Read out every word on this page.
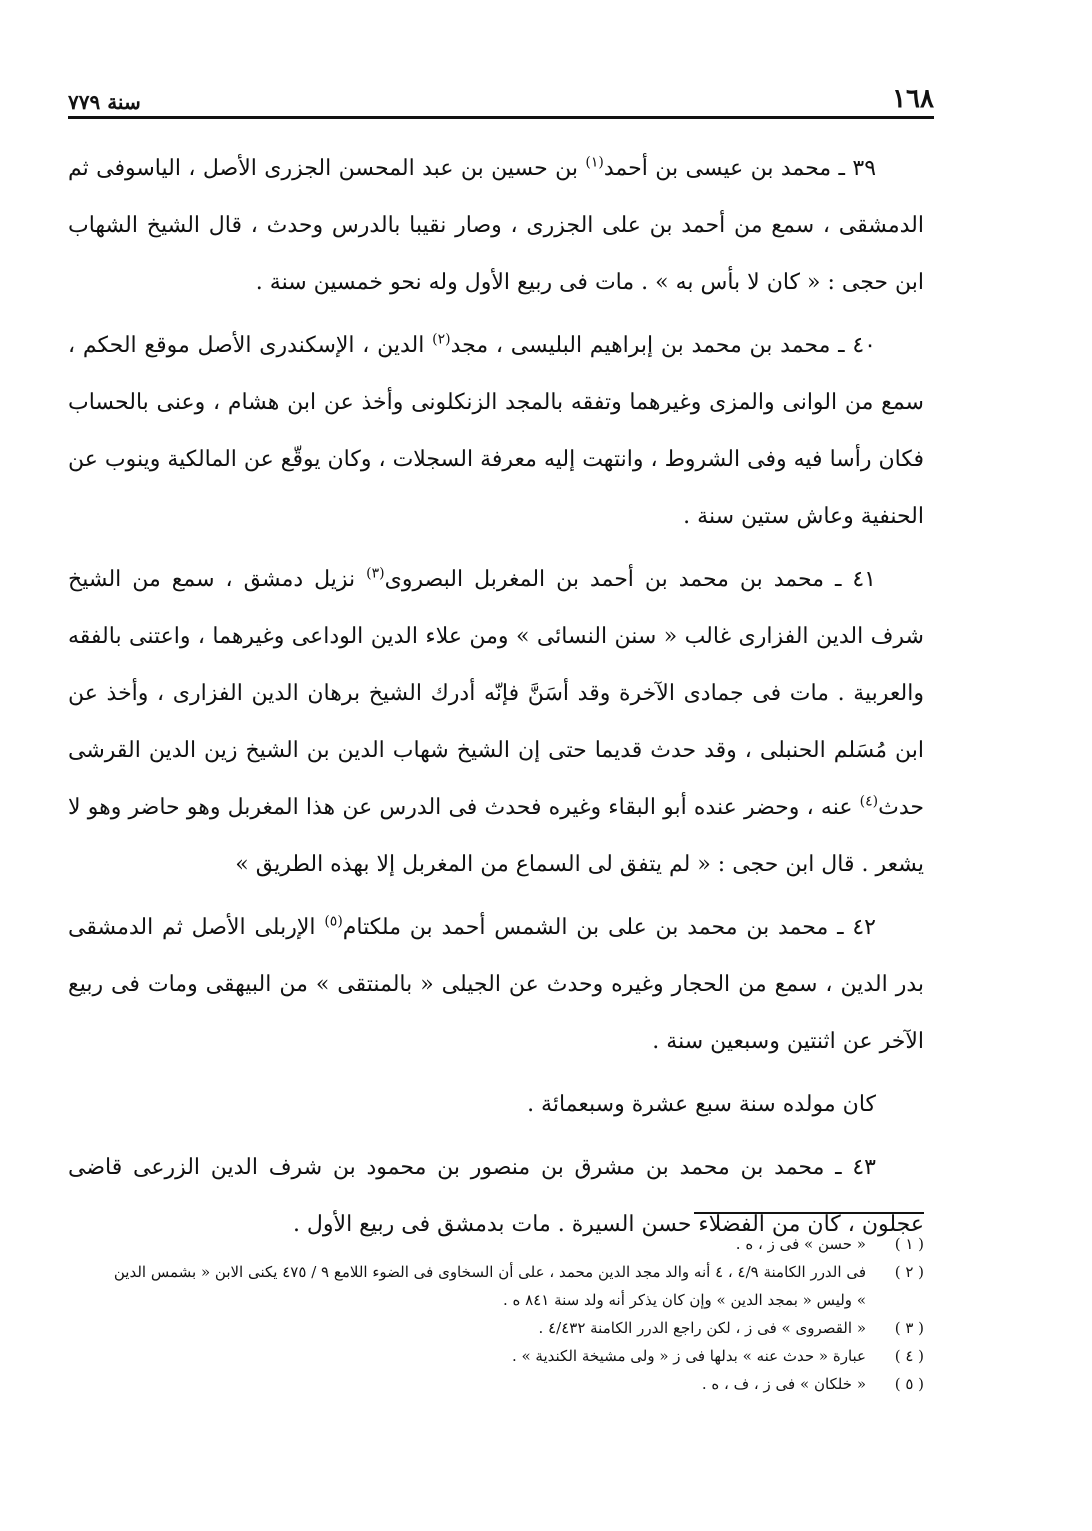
١٦٨
سنة ٧٧٩

٣٩ ـ محمد بن عيسى بن أحمد$^{(١)}$ بن حسين بن عبد المحسن الجزرى الأصل ، الياسوفى ثم الدمشقى ، سمع من أحمد بن على الجزرى ، وصار نقيبا بالدرس وحدث ، قال الشيخ الشهاب ابن حجى : « كان لا بأس به » . مات فى ربيع الأول وله نحو خمسين سنة .

٤٠ ـ محمد بن محمد بن إبراهيم البليسى ، مجد$^{(٢)}$ الدين ، الإسكندرى الأصل موقع الحكم ، سمع من الوانى والمزى وغيرهما وتفقه بالمجد الزنكلونى وأخذ عن ابن هشام ، وعنى بالحساب فكان رأسا فيه وفى الشروط ، وانتهت إليه معرفة السجلات ، وكان يوقّع عن المالكية وينوب عن الحنفية وعاش ستين سنة .

٤١ ـ محمد بن محمد بن أحمد بن المغربل البصروى$^{(٣)}$ نزيل دمشق ، سمع من الشيخ شرف الدين الفزارى غالب « سنن النسائى » ومن علاء الدين الوداعى وغيرهما ، واعتنى بالفقه والعربية . مات فى جمادى الآخرة وقد أسَنَّ فإنّه أدرك الشيخ برهان الدين الفزارى ، وأخذ عن ابن مُسَلم الحنبلى ، وقد حدث قديما حتى إن الشيخ شهاب الدين بن الشيخ زين الدين القرشى حدث$^{(٤)}$ عنه ، وحضر عنده أبو البقاء وغيره فحدث فى الدرس عن هذا المغربل وهو حاضر وهو لا يشعر . قال ابن حجى : « لم يتفق لى السماع من المغربل إلا بهذه الطريق »

٤٢ ـ محمد بن محمد بن على بن الشمس أحمد بن ملكتام$^{(٥)}$ الإربلى الأصل ثم الدمشقى بدر الدين ، سمع من الحجار وغيره وحدث عن الجيلى « بالمنتقى » من البيهقى ومات فى ربيع الآخر عن اثنتين وسبعين سنة .

كان مولده سنة سبع عشرة وسبعمائة .

٤٣ ـ محمد بن محمد بن مشرق بن منصور بن محمود بن شرف الدين الزرعى قاضى عجلون ، كان من الفضلاء حسن السيرة . مات بدمشق فى ربيع الأول .

( ١ )
« حسن » فى ز ، ه .
( ٢ )
فى الدرر الكامنة ٤/٩ ، ٤ أنه والد مجد الدين محمد ، على أن السخاوى فى الضوء اللامع ٩ / ٤٧٥ يكنى الابن « بشمس الدين » وليس « بمجد الدين » وإن كان يذكر أنه ولد سنة ٨٤١ ه .
( ٣ )
« القصروى » فى ز ، لكن راجع الدرر الكامنة ٤/٤٣٢ .
( ٤ )
عبارة « حدث عنه » بدلها فى ز « ولى مشيخة الكندية » .
( ٥ )
« خلكان » فى ز ، ف ، ه .
